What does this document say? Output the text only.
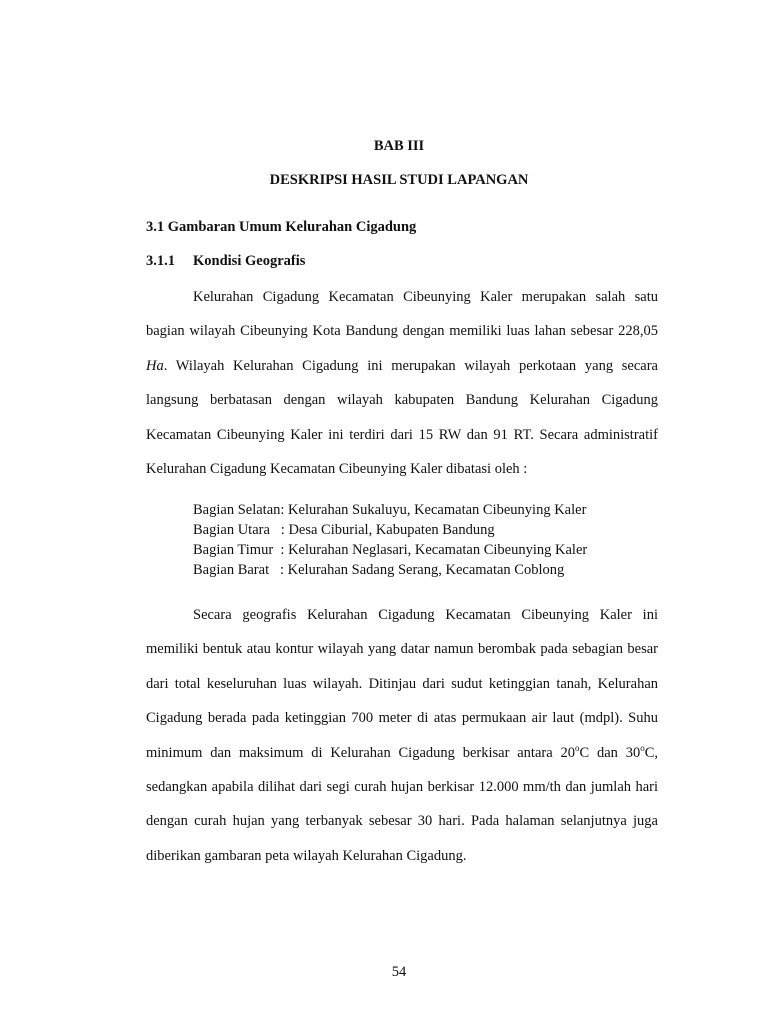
BAB III
DESKRIPSI HASIL STUDI LAPANGAN
3.1 Gambaran Umum Kelurahan Cigadung
3.1.1 Kondisi Geografis

Kelurahan Cigadung Kecamatan Cibeunying Kaler merupakan salah satu bagian wilayah Cibeunying Kota Bandung dengan memiliki luas lahan sebesar 228,05 Ha. Wilayah Kelurahan Cigadung ini merupakan wilayah perkotaan yang secara langsung berbatasan dengan wilayah kabupaten Bandung Kelurahan Cigadung Kecamatan Cibeunying Kaler ini terdiri dari 15 RW dan 91 RT. Secara administratif Kelurahan Cigadung Kecamatan Cibeunying Kaler dibatasi oleh :

Bagian Selatan: Kelurahan Sukaluyu, Kecamatan Cibeunying Kaler
Bagian Utara   : Desa Ciburial, Kabupaten Bandung
Bagian Timur  : Kelurahan Neglasari, Kecamatan Cibeunying Kaler
Bagian Barat   : Kelurahan Sadang Serang, Kecamatan Coblong

Secara geografis Kelurahan Cigadung Kecamatan Cibeunying Kaler ini memiliki bentuk atau kontur wilayah yang datar namun berombak pada sebagian besar dari total keseluruhan luas wilayah. Ditinjau dari sudut ketinggian tanah, Kelurahan Cigadung berada pada ketinggian 700 meter di atas permukaan air laut (mdpl). Suhu minimum dan maksimum di Kelurahan Cigadung berkisar antara 20$^o$C dan 30$^o$C, sedangkan apabila dilihat dari segi curah hujan berkisar 12.000 mm/th dan jumlah hari dengan curah hujan yang terbanyak sebesar 30 hari. Pada halaman selanjutnya juga diberikan gambaran peta wilayah Kelurahan Cigadung.

54
